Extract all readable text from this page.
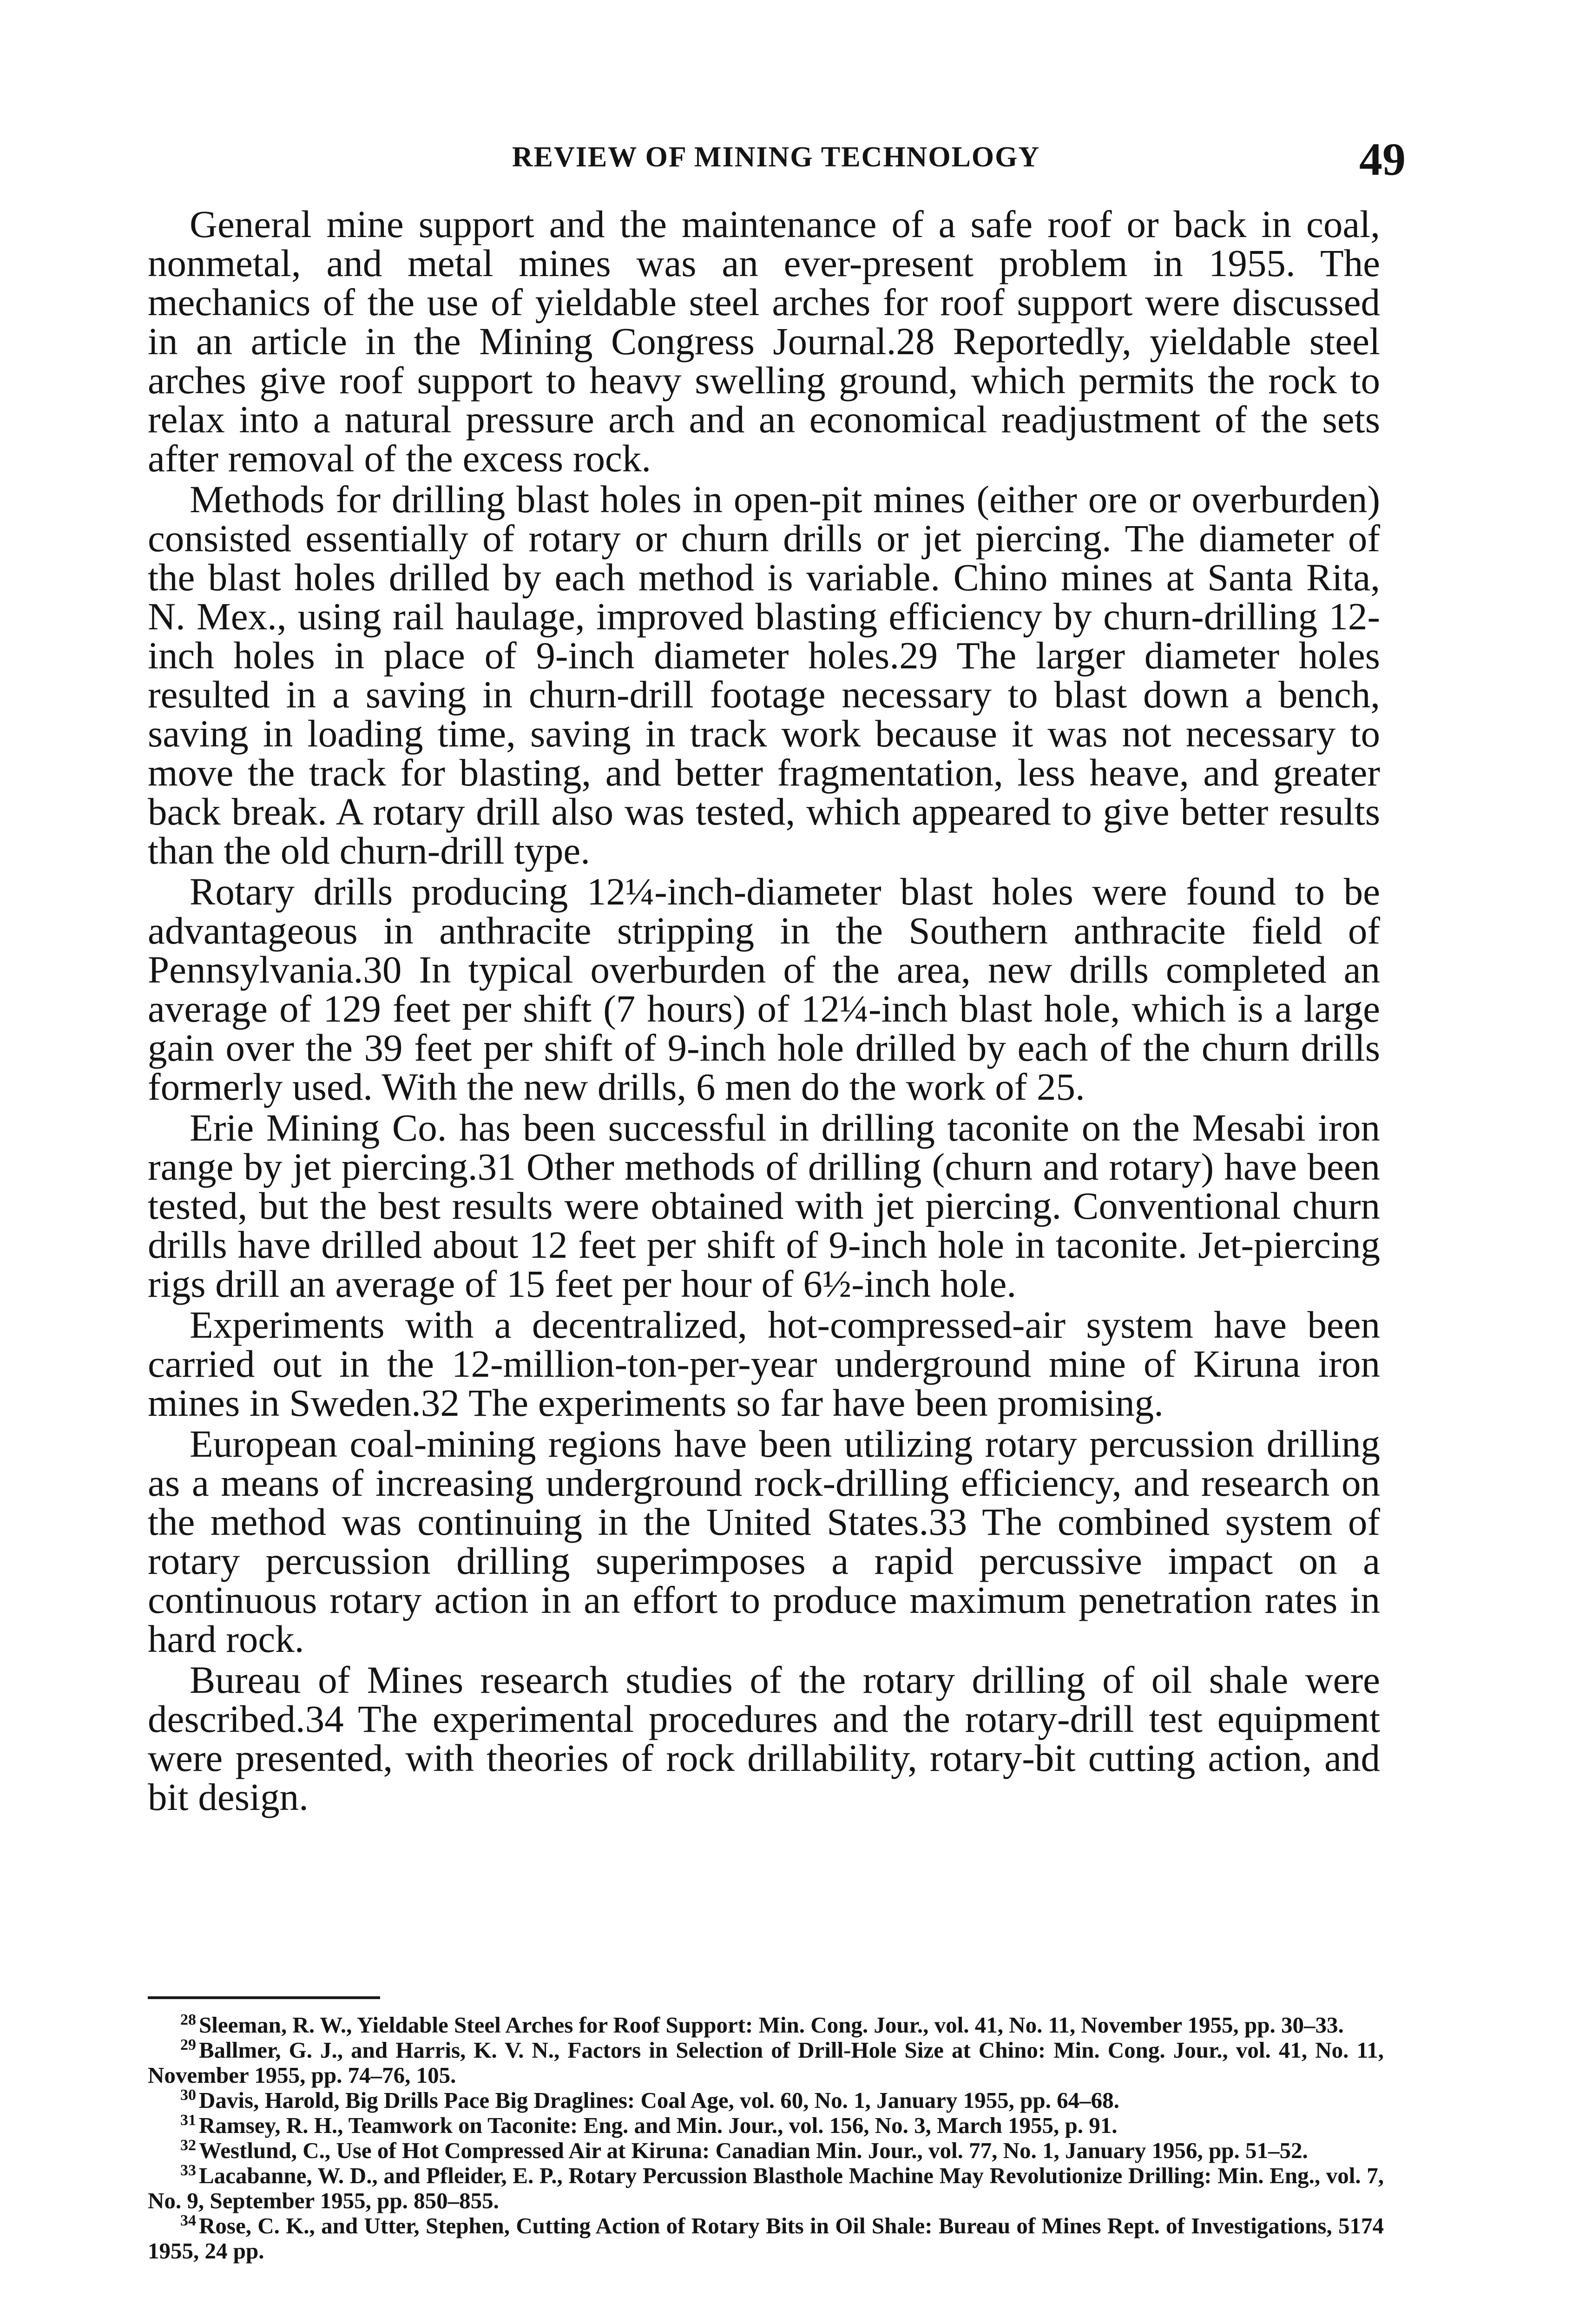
REVIEW OF MINING TECHNOLOGY	49

General mine support and the maintenance of a safe roof or back in coal, nonmetal, and metal mines was an ever-present problem in 1955. The mechanics of the use of yieldable steel arches for roof support were discussed in an article in the Mining Congress Journal.28 Reportedly, yieldable steel arches give roof support to heavy swelling ground, which permits the rock to relax into a natural pressure arch and an economical readjustment of the sets after removal of the excess rock.

Methods for drilling blast holes in open-pit mines (either ore or overburden) consisted essentially of rotary or churn drills or jet piercing. The diameter of the blast holes drilled by each method is variable. Chino mines at Santa Rita, N. Mex., using rail haulage, improved blasting efficiency by churn-drilling 12-inch holes in place of 9-inch diameter holes.29 The larger diameter holes resulted in a saving in churn-drill footage necessary to blast down a bench, saving in loading time, saving in track work because it was not necessary to move the track for blasting, and better fragmentation, less heave, and greater back break. A rotary drill also was tested, which appeared to give better results than the old churn-drill type.

Rotary drills producing 12¼-inch-diameter blast holes were found to be advantageous in anthracite stripping in the Southern anthracite field of Pennsylvania.30 In typical overburden of the area, new drills completed an average of 129 feet per shift (7 hours) of 12¼-inch blast hole, which is a large gain over the 39 feet per shift of 9-inch hole drilled by each of the churn drills formerly used. With the new drills, 6 men do the work of 25.

Erie Mining Co. has been successful in drilling taconite on the Mesabi iron range by jet piercing.31 Other methods of drilling (churn and rotary) have been tested, but the best results were obtained with jet piercing. Conventional churn drills have drilled about 12 feet per shift of 9-inch hole in taconite. Jet-piercing rigs drill an average of 15 feet per hour of 6½-inch hole.

Experiments with a decentralized, hot-compressed-air system have been carried out in the 12-million-ton-per-year underground mine of Kiruna iron mines in Sweden.32 The experiments so far have been promising.

European coal-mining regions have been utilizing rotary percussion drilling as a means of increasing underground rock-drilling efficiency, and research on the method was continuing in the United States.33 The combined system of rotary percussion drilling superimposes a rapid percussive impact on a continuous rotary action in an effort to produce maximum penetration rates in hard rock.

Bureau of Mines research studies of the rotary drilling of oil shale were described.34 The experimental procedures and the rotary-drill test equipment were presented, with theories of rock drillability, rotary-bit cutting action, and bit design.

$^{28}$ Sleeman, R. W., Yieldable Steel Arches for Roof Support: Min. Cong. Jour., vol. 41, No. 11, November 1955, pp. 30–33.

$^{29}$ Ballmer, G. J., and Harris, K. V. N., Factors in Selection of Drill-Hole Size at Chino: Min. Cong. Jour., vol. 41, No. 11, November 1955, pp. 74–76, 105.

$^{30}$ Davis, Harold, Big Drills Pace Big Draglines: Coal Age, vol. 60, No. 1, January 1955, pp. 64–68.

$^{31}$ Ramsey, R. H., Teamwork on Taconite: Eng. and Min. Jour., vol. 156, No. 3, March 1955, p. 91.

$^{32}$ Westlund, C., Use of Hot Compressed Air at Kiruna: Canadian Min. Jour., vol. 77, No. 1, January 1956, pp. 51–52.

$^{33}$ Lacabanne, W. D., and Pfleider, E. P., Rotary Percussion Blasthole Machine May Revolutionize Drilling: Min. Eng., vol. 7, No. 9, September 1955, pp. 850–855.

$^{34}$ Rose, C. K., and Utter, Stephen, Cutting Action of Rotary Bits in Oil Shale: Bureau of Mines Rept. of Investigations, 5174 1955, 24 pp.
